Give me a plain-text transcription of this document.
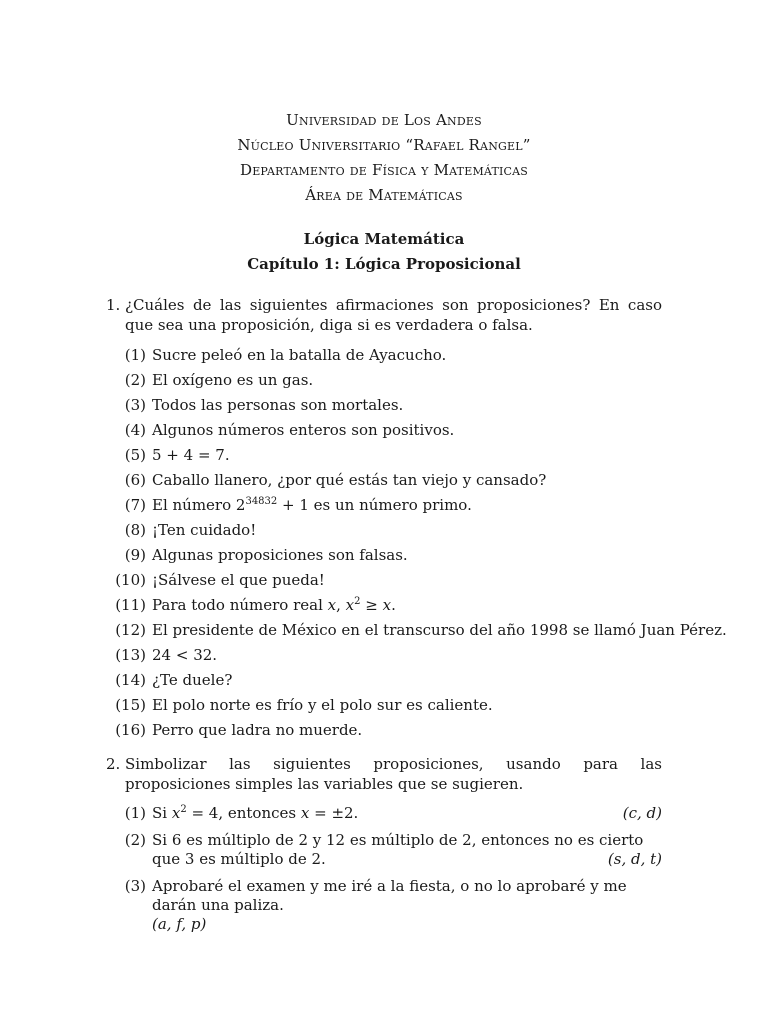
Universidad de Los Andes
Núcleo Universitario “Rafael Rangel”
Departamento de Física y Matemáticas
Área de Matemáticas
Lógica Matemática
Capítulo 1: Lógica Proposicional
1. ¿Cuáles de las siguientes afirmaciones son proposiciones? En caso que sea una proposición, diga si es verdadera o falsa.
(1) Sucre peleó en la batalla de Ayacucho.
(2) El oxígeno es un gas.
(3) Todos las personas son mortales.
(4) Algunos números enteros son positivos.
(5) 5 + 4 = 7.
(6) Caballo llanero, ¿por qué estás tan viejo y cansado?
(7) El número $2^{34832} + 1$ es un número primo.
(8) ¡Ten cuidado!
(9) Algunas proposiciones son falsas.
(10) ¡Sálvese el que pueda!
(11) Para todo número real x, $x^2 \ge x$.
(12) El presidente de México en el transcurso del año 1998 se llamó Juan Pérez.
(13) 24 < 32.
(14) ¿Te duele?
(15) El polo norte es frío y el polo sur es caliente.
(16) Perro que ladra no muerde.
2. Simbolizar las siguientes proposiciones, usando para las proposiciones simples las variables que se sugieren.
(1) Si $x^2 = 4$, entonces x = ±2.	(c, d)
(2) Si 6 es múltiplo de 2 y 12 es múltiplo de 2, entonces no es cierto que 3 es múltiplo de 2.	(s, d, t)
(3) Aprobaré el examen y me iré a la fiesta, o no lo aprobaré y me darán una paliza.
(a, f, p)
